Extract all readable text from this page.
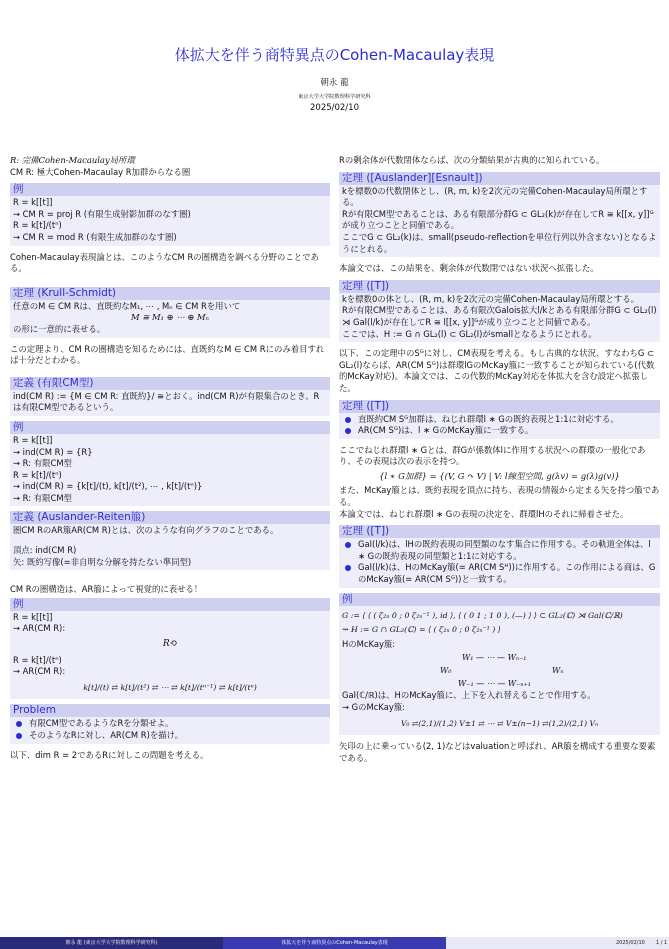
体拡大を伴う商特異点のCohen-Macaulay表現
朝永 龍
東京大学大学院数理科学研究科
2025/02/10

R: 完備Cohen-Macaulay局所環

CM R: 極大Cohen-Macaulay R加群からなる圏

例

R = k[[t]]

⇝ CM R = proj R (有限生成射影加群のなす圏)

R = k[t]/(tⁿ)

⇝ CM R = mod R (有限生成加群のなす圏)

Cohen-Macaulay表現論とは、このようなCM Rの圏構造を調べる分野のことである。

定理 (Krull-Schmidt)

任意のM ∈ CM Rは、直既約なM₁, ⋯ , Mₙ ∈ CM Rを用いて

M ≅ M₁ ⊕ ⋯ ⊕ Mₙ

の形に一意的に表せる。

この定理より、CM Rの圏構造を知るためには、直既約なM ∈ CM Rにのみ着目すれば十分だとわかる。

定義 (有限CM型)

ind(CM R) := {M ∈ CM R: 直既約}/ ≅とおく。ind(CM R)が有限集合のとき、Rは有限CM型であるという。

例

R = k[[t]]

⇝ ind(CM R) = {R}

⇝ R: 有限CM型

R = k[t]/(tⁿ)

⇝ ind(CM R) = {k[t]/(t), k[t]/(t²), ⋯ , k[t]/(tⁿ)}

⇝ R: 有限CM型

定義 (Auslander-Reiten箙)

圏CM RのAR箙AR(CM R)とは、次のような有向グラフのことである。

頂点: ind(CM R)

矢: 既約写像(=非自明な分解を持たない準同型)

CM Rの圏構造は、AR箙によって視覚的に表せる！

例

R = k[[t]]

⇝ AR(CM R):

R⟲

R = k[t]/(tⁿ)

⇝ AR(CM R):

k[t]/(t) ⇄ k[t]/(t²) ⇄ ⋯ ⇄ k[t]/(tⁿ⁻¹) ⇄ k[t]/(tⁿ)

Problem
有限CM型であるようなRを分類せよ。
そのようなRに対し、AR(CM R)を描け。

以下、dim R = 2であるRに対しこの問題を考える。

Rの剰余体が代数閉体ならば、次の分類結果が古典的に知られている。

定理 ([Auslander][Esnault])

kを標数0の代数閉体とし、(R, m, k)を2次元の完備Cohen-Macaulay局所環とする。

Rが有限CM型であることは、ある有限部分群G ⊂ GL₂(k)が存在してR ≅ k[[x, y]]ᴳが成り立つことと同値である。

ここでG ⊂ GL₂(k)は、small(pseudo-reflectionを単位行列以外含まない)となるようにとれる。

本論文では、この結果を、剰余体が代数閉ではない状況へ拡張した。

定理 ([T])

kを標数0の体とし、(R, m, k)を2次元の完備Cohen-Macaulay局所環とする。

Rが有限CM型であることは、ある有限次Galois拡大l/kとある有限部分群G ⊂ GL₂(l) ⋊ Gal(l/k)が存在してR ≅ l[[x, y]]ᴳが成り立つことと同値である。

ここでは、H := G ∩ GL₂(l) ⊂ GL₂(l)がsmallとなるようにとれる。

以下、この定理中のSᴳに対し、CM表現を考える。もし古典的な状況、すなわちG ⊂ GL₂(l)ならば、AR(CM Sᴳ)は群環lGのMcKay箙に一致することが知られている(代数的McKay対応)。本論文では、この代数的McKay対応を体拡大を含む設定へ拡張した。

定理 ([T])
直既約CM Sᴳ加群は、ねじれ群環l ∗ Gの既約表現と1:1に対応する。
AR(CM Sᴳ)は、l ∗ GのMcKay箙に一致する。

ここでねじれ群環l ∗ Gとは、群Gが係数体lに作用する状況への群環の一般化であり、その表現は次の表示を持つ。

{l ∗ G加群} = {(V, G ↷ V) | V: l線型空間, g(λv) = g(λ)g(v)}

また、McKay箙とは、既約表現を頂点に持ち、表現の情報から定まる矢を持つ箙である。

本論文では、ねじれ群環l ∗ Gの表現の決定を、群環lHのそれに帰着させた。

定理 ([T])
Gal(l/k)は、lHの既約表現の同型類のなす集合に作用する。その軌道全体は、l ∗ Gの既約表現の同型類と1:1に対応する。
Gal(l/k)は、HのMcKay箙(= AR(CM Sᴴ))に作用する。この作用による商は、GのMcKay箙(= AR(CM Sᴳ))と一致する。
例

G := ⟨ ⟨ ( ζ₂ₙ 0 ; 0 ζ₂ₙ⁻¹ ), id ⟩, ⟨ ( 0 1 ; 1 0 ), (—) ⟩ ⟩ ⊂ GL₂(ℂ) ⋊ Gal(ℂ/ℝ)

⇝ H := G ∩ GL₂(ℂ) = ⟨ ( ζ₂ₙ 0 ; 0 ζ₂ₙ⁻¹ ) ⟩

HのMcKay箙:

W₁ — ⋯ — Wₙ₋₁
W₀	Wₙ
W₋₁ — ⋯ — W₋ₙ₊₁

Gal(ℂ/ℝ)は、HのMcKay箙に、上下を入れ替えることで作用する。

⇝ GのMcKay箙:

V₀ ⇄(2,1)/(1,2) V±1 ⇄ ⋯ ⇄ V±(n−1) ⇄(1,2)/(2,1) Vₙ

矢印の上に乗っている(2, 1)などはvaluationと呼ばれ、AR箙を構成する重要な要素である。

朝永 龍 (東京大学大学院数理科学研究科)	体拡大を伴う商特異点のCohen-Macaulay表現	2025/02/10 1 / 1
